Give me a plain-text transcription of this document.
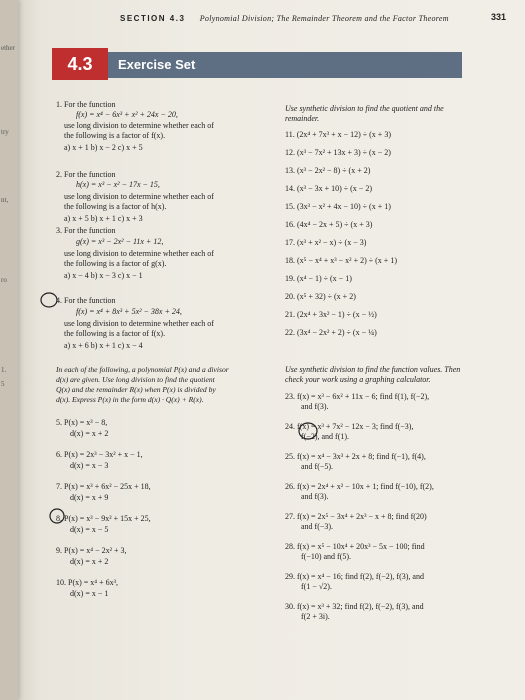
ether
try
nt,
ro
1.
5
SECTION 4.3 Polynomial Division; The Remainder Theorem and the Factor Theorem	331
4.3	Exercise Set
1. For the function
f(x) = x⁴ − 6x³ + x² + 24x − 20,
use long division to determine whether each of
the following is a factor of f(x).
a) x + 1 b) x − 2 c) x + 5
2. For the function
h(x) = x³ − x² − 17x − 15,
use long division to determine whether each of
the following is a factor of h(x).
a) x + 5 b) x + 1 c) x + 3
3. For the function
g(x) = x³ − 2x² − 11x + 12,
use long division to determine whether each of
the following is a factor of g(x).
a) x − 4 b) x − 3 c) x − 1
4. For the function
f(x) = x⁴ + 8x³ + 5x² − 38x + 24,
use long division to determine whether each of
the following is a factor of f(x).
a) x + 6 b) x + 1 c) x − 4
In each of the following, a polynomial P(x) and a divisor
d(x) are given. Use long division to find the quotient
Q(x) and the remainder R(x) when P(x) is divided by
d(x). Express P(x) in the form d(x) · Q(x) + R(x).
5. P(x) = x³ − 8,
d(x) = x + 2
6. P(x) = 2x³ − 3x² + x − 1,
d(x) = x − 3
7. P(x) = x³ + 6x² − 25x + 18,
d(x) = x + 9
8. P(x) = x³ − 9x² + 15x + 25,
d(x) = x − 5
9. P(x) = x⁴ − 2x² + 3,
d(x) = x + 2
10. P(x) = x⁴ + 6x³,
d(x) = x − 1
Use synthetic division to find the quotient and the
remainder.
11. (2x⁴ + 7x³ + x − 12) ÷ (x + 3)
12. (x³ − 7x² + 13x + 3) ÷ (x − 2)
13. (x³ − 2x² − 8) ÷ (x + 2)
14. (x³ − 3x + 10) ÷ (x − 2)
15. (3x³ − x² + 4x − 10) ÷ (x + 1)
16. (4x⁴ − 2x + 5) ÷ (x + 3)
17. (x³ + x² − x) ÷ (x − 3)
18. (x⁵ − x⁴ + x³ − x² + 2) ÷ (x + 1)
19. (x⁴ − 1) ÷ (x − 1)
20. (x⁵ + 32) ÷ (x + 2)
21. (2x⁴ + 3x² − 1) ÷ (x − ½)
22. (3x⁴ − 2x² + 2) ÷ (x − ¼)
Use synthetic division to find the function values. Then
check your work using a graphing calculator.
23. f(x) = x³ − 6x² + 11x − 6; find f(1), f(−2),
and f(3).
24. f(x) = x³ + 7x² − 12x − 3; find f(−3),
f(−2), and f(1).
25. f(x) = x⁴ − 3x³ + 2x + 8; find f(−1), f(4),
and f(−5).
26. f(x) = 2x⁴ + x² − 10x + 1; find f(−10), f(2),
and f(3).
27. f(x) = 2x⁵ − 3x⁴ + 2x³ − x + 8; find f(20)
and f(−3).
28. f(x) = x⁵ − 10x⁴ + 20x³ − 5x − 100; find
f(−10) and f(5).
29. f(x) = x⁴ − 16; find f(2), f(−2), f(3), and
f(1 − √2).
30. f(x) = x³ + 32; find f(2), f(−2), f(3), and
f(2 + 3i).
